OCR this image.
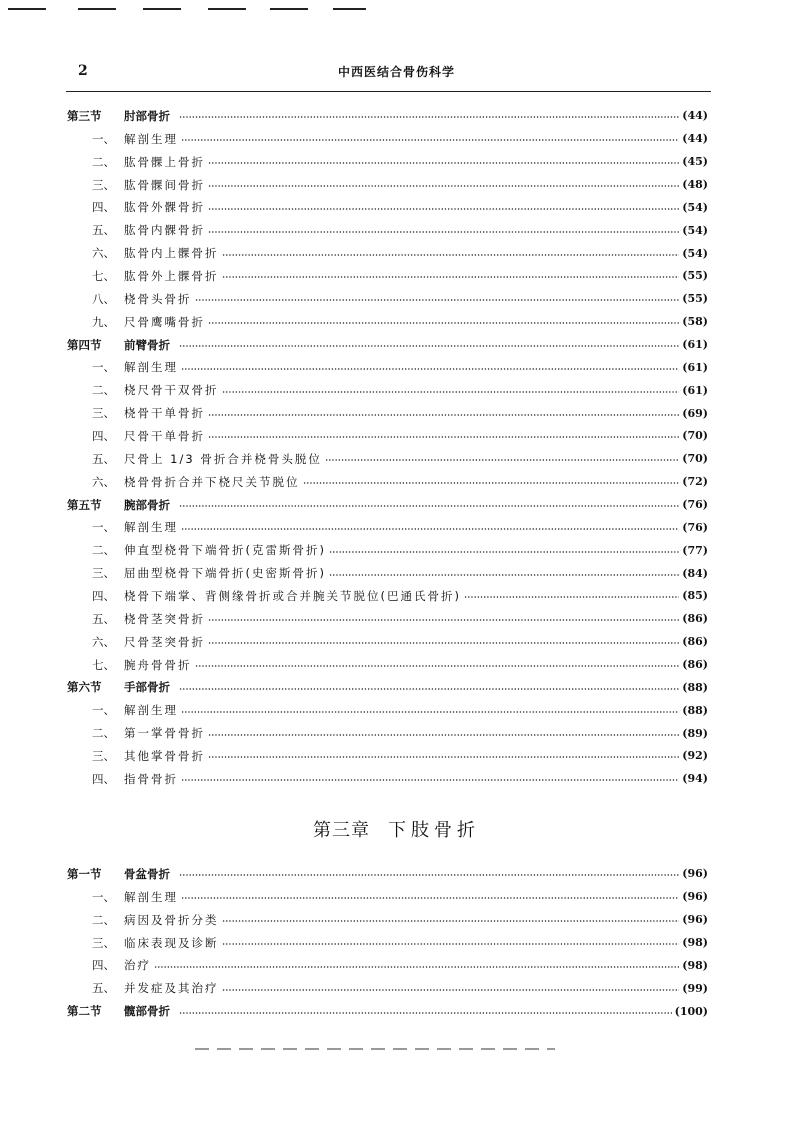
2	中西医结合骨伤科学
第三节	肘部骨折	(44)
一、 解剖生理	(44)
二、 肱骨髁上骨折	(45)
三、 肱骨髁间骨折	(48)
四、 肱骨外髁骨折	(54)
五、 肱骨内髁骨折	(54)
六、 肱骨内上髁骨折	(54)
七、 肱骨外上髁骨折	(55)
八、 桡骨头骨折	(55)
九、 尺骨鹰嘴骨折	(58)
第四节	前臂骨折	(61)
一、 解剖生理	(61)
二、 桡尺骨干双骨折	(61)
三、 桡骨干单骨折	(69)
四、 尺骨干单骨折	(70)
五、 尺骨上 1/3 骨折合并桡骨头脱位	(70)
六、 桡骨骨折合并下桡尺关节脱位	(72)
第五节	腕部骨折	(76)
一、 解剖生理	(76)
二、 伸直型桡骨下端骨折(克雷斯骨折)	(77)
三、 屈曲型桡骨下端骨折(史密斯骨折)	(84)
四、 桡骨下端掌、背侧缘骨折或合并腕关节脱位(巴通氏骨折)	(85)
五、 桡骨茎突骨折	(86)
六、 尺骨茎突骨折	(86)
七、 腕舟骨骨折	(86)
第六节	手部骨折	(88)
一、 解剖生理	(88)
二、 第一掌骨骨折	(89)
三、 其他掌骨骨折	(92)
四、 指骨骨折	(94)
第三章 下肢骨折
第一节	骨盆骨折	(96)
一、 解剖生理	(96)
二、 病因及骨折分类	(96)
三、 临床表现及诊断	(98)
四、 治疗	(98)
五、 并发症及其治疗	(99)
第二节	髋部骨折	(100)
